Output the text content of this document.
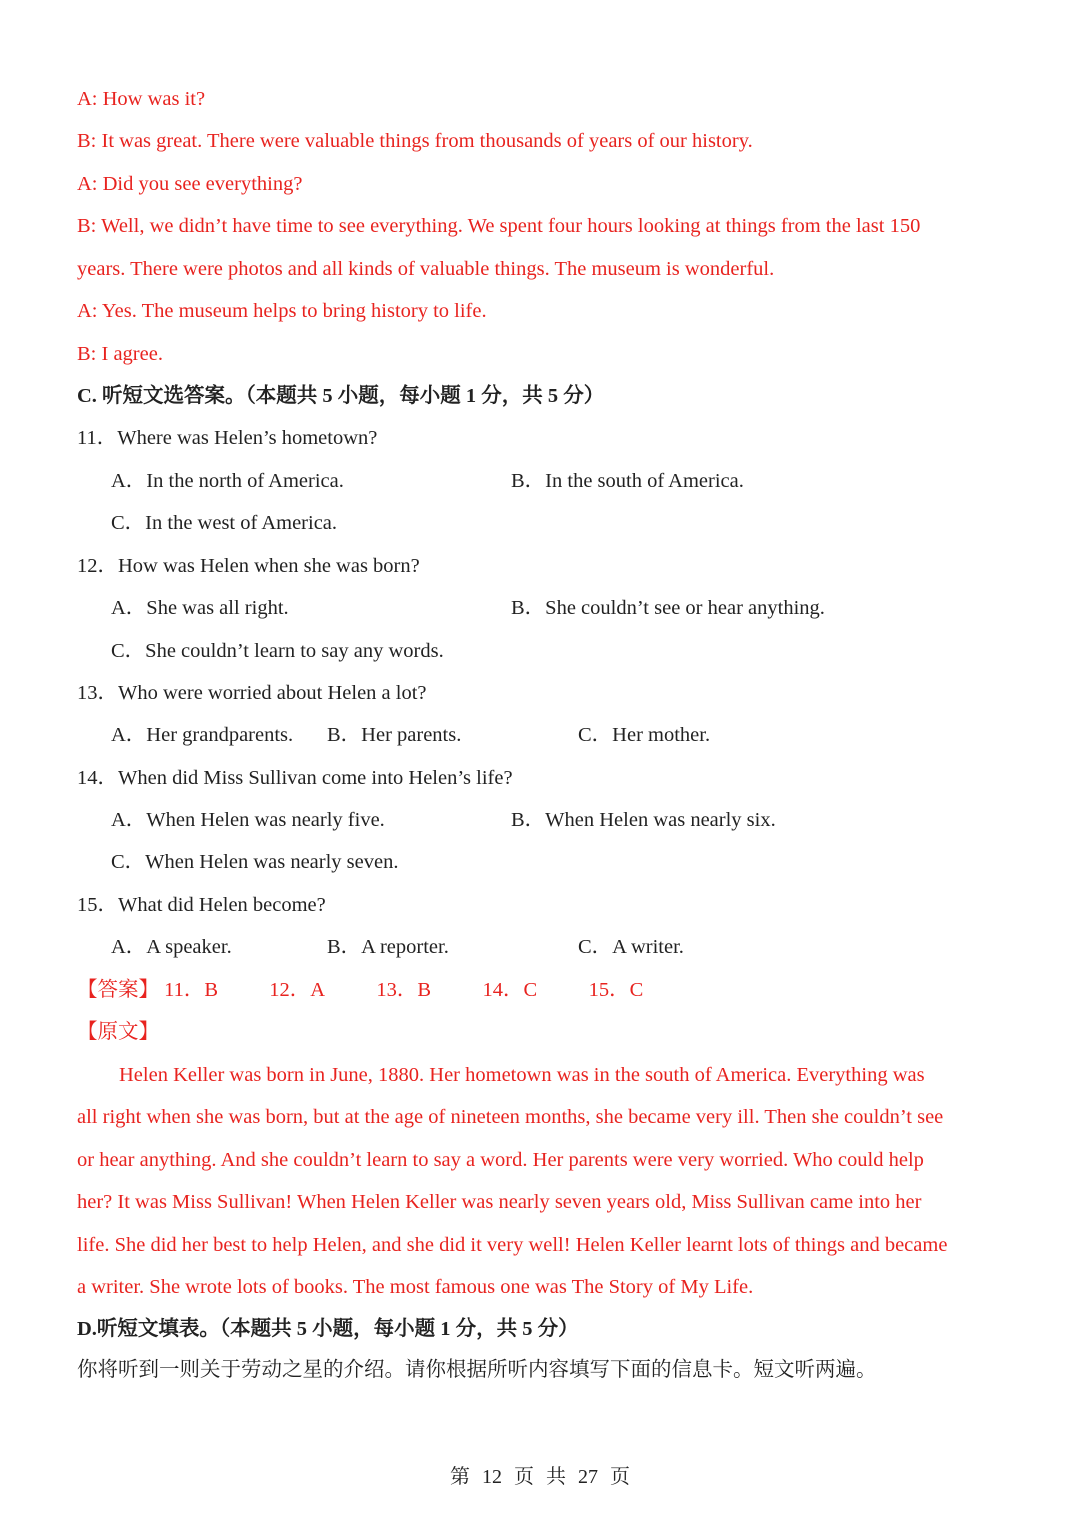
A: How was it?
B: It was great. There were valuable things from thousands of years of our history.
A: Did you see everything?
B: Well, we didn’t have time to see everything. We spent four hours looking at things from the last 150
years. There were photos and all kinds of valuable things. The museum is wonderful.
A: Yes. The museum helps to bring history to life.
B: I agree.
C. 听短文选答案。（本题共 5 小题，每小题 1 分，共 5 分）
11．Where was Helen’s hometown?
A．In the north of America.	B．In the south of America.
C．In the west of America.
12．How was Helen when she was born?
A．She was all right.	B．She couldn’t see or hear anything.
C．She couldn’t learn to say any words.
13．Who were worried about Helen a lot?
A．Her grandparents. B．Her parents.	C．Her mother.
14．When did Miss Sullivan come into Helen’s life?
A．When Helen was nearly five.	B．When Helen was nearly six.
C．When Helen was nearly seven.
15．What did Helen become?
A．A speaker.	B．A reporter.	C．A writer.
【答案】 11．B 12．A	13．B	14．C	15．C
【原文】
Helen Keller was born in June, 1880. Her hometown was in the south of America. Everything was
all right when she was born, but at the age of nineteen months, she became very ill. Then she couldn’t see
or hear anything. And she couldn’t learn to say a word. Her parents were very worried. Who could help
her? It was Miss Sullivan! When Helen Keller was nearly seven years old, Miss Sullivan came into her
life. She did her best to help Helen, and she did it very well! Helen Keller learnt lots of things and became
a writer. She wrote lots of books. The most famous one was The Story of My Life.
D.听短文填表。（本题共 5 小题，每小题 1 分，共 5 分）
你将听到一则关于劳动之星的介绍。请你根据所听内容填写下面的信息卡。短文听两遍。
第 12 页 共 27 页
